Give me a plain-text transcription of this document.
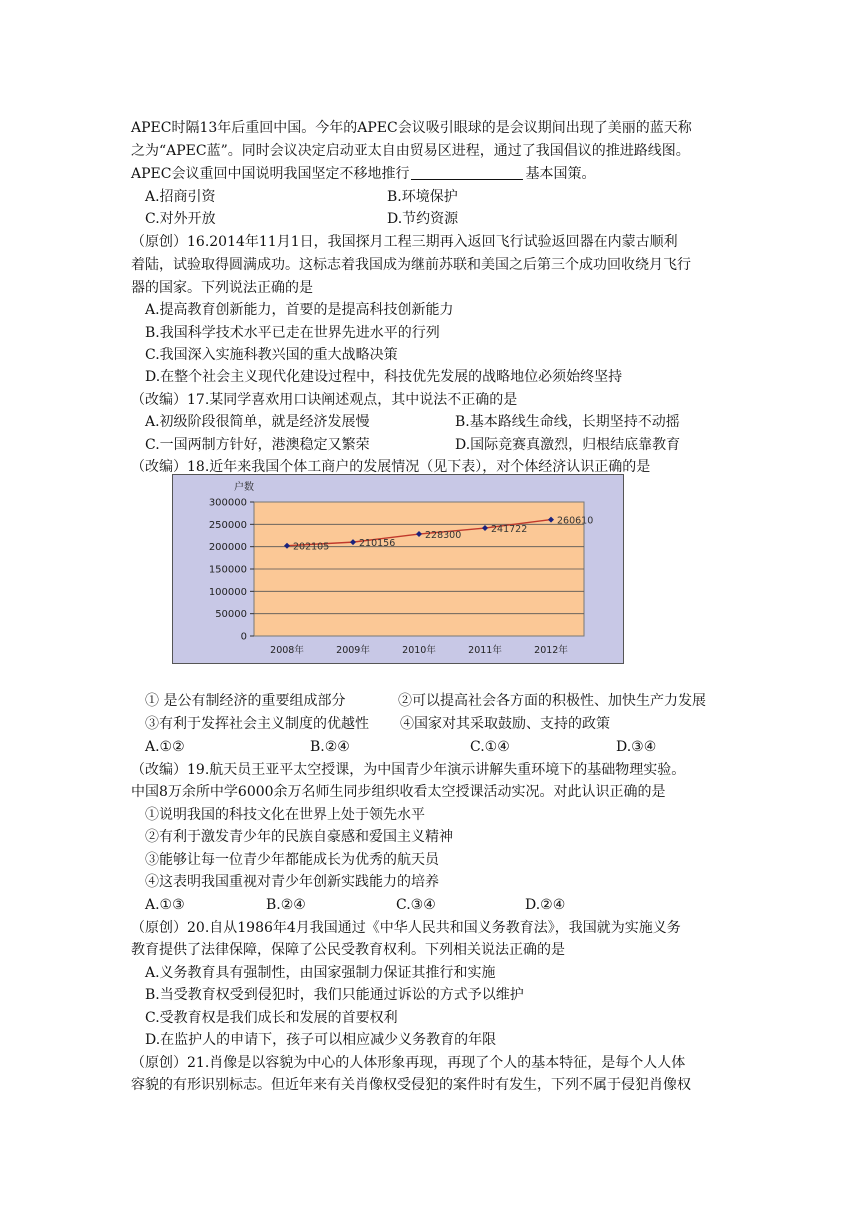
APEC时隔13年后重回中国。今年的APEC会议吸引眼球的是会议期间出现了美丽的蓝天称
之为“APEC蓝”。同时会议决定启动亚太自由贸易区进程，通过了我国倡议的推进路线图。
APEC会议重回中国说明我国坚定不移地推行	基本国策。
A.招商引资	B.环境保护
C.对外开放	D.节约资源
（原创）16.2014年11月1日，我国探月工程三期再入返回飞行试验返回器在内蒙古顺利
着陆，试验取得圆满成功。这标志着我国成为继前苏联和美国之后第三个成功回收绕月飞行
器的国家。下列说法正确的是
A.提高教育创新能力，首要的是提高科技创新能力
B.我国科学技术水平已走在世界先进水平的行列
C.我国深入实施科教兴国的重大战略决策
D.在整个社会主义现代化建设过程中，科技优先发展的战略地位必须始终坚持
（改编）17.某同学喜欢用口诀阐述观点，其中说法不正确的是
A.初级阶段很简单，就是经济发展慢	B.基本路线生命线，长期坚持不动摇
C.一国两制方针好，港澳稳定又繁荣	D.国际竞赛真激烈，归根结底靠教育
（改编）18.近年来我国个体工商户的发展情况（见下表），对个体经济认识正确的是
0
50000
100000
150000
200000
250000
300000
2008年	2009年	2010年	2011年	2012年
202105	210156
228300
241722
260610
户数
① 是公有制经济的重要组成部分	②可以提高社会各方面的积极性、加快生产力发展
③有利于发挥社会主义制度的优越性 ④国家对其采取鼓励、支持的政策
A.①②	B.②④	C.①④	D.③④
（改编）19.航天员王亚平太空授课，为中国青少年演示讲解失重环境下的基础物理实验。
中国8万余所中学6000余万名师生同步组织收看太空授课活动实况。对此认识正确的是
①说明我国的科技文化在世界上处于领先水平
②有利于激发青少年的民族自豪感和爱国主义精神
③能够让每一位青少年都能成长为优秀的航天员
④这表明我国重视对青少年创新实践能力的培养
A.①③	B.②④	C.③④	D.②④
（原创）20.自从1986年4月我国通过《中华人民共和国义务教育法》，我国就为实施义务
教育提供了法律保障，保障了公民受教育权利。下列相关说法正确的是
A.义务教育具有强制性，由国家强制力保证其推行和实施
B.当受教育权受到侵犯时，我们只能通过诉讼的方式予以维护
C.受教育权是我们成长和发展的首要权利
D.在监护人的申请下，孩子可以相应减少义务教育的年限
（原创）21.肖像是以容貌为中心的人体形象再现，再现了个人的基本特征，是每个人人体
容貌的有形识别标志。但近年来有关肖像权受侵犯的案件时有发生，下列不属于侵犯肖像权
